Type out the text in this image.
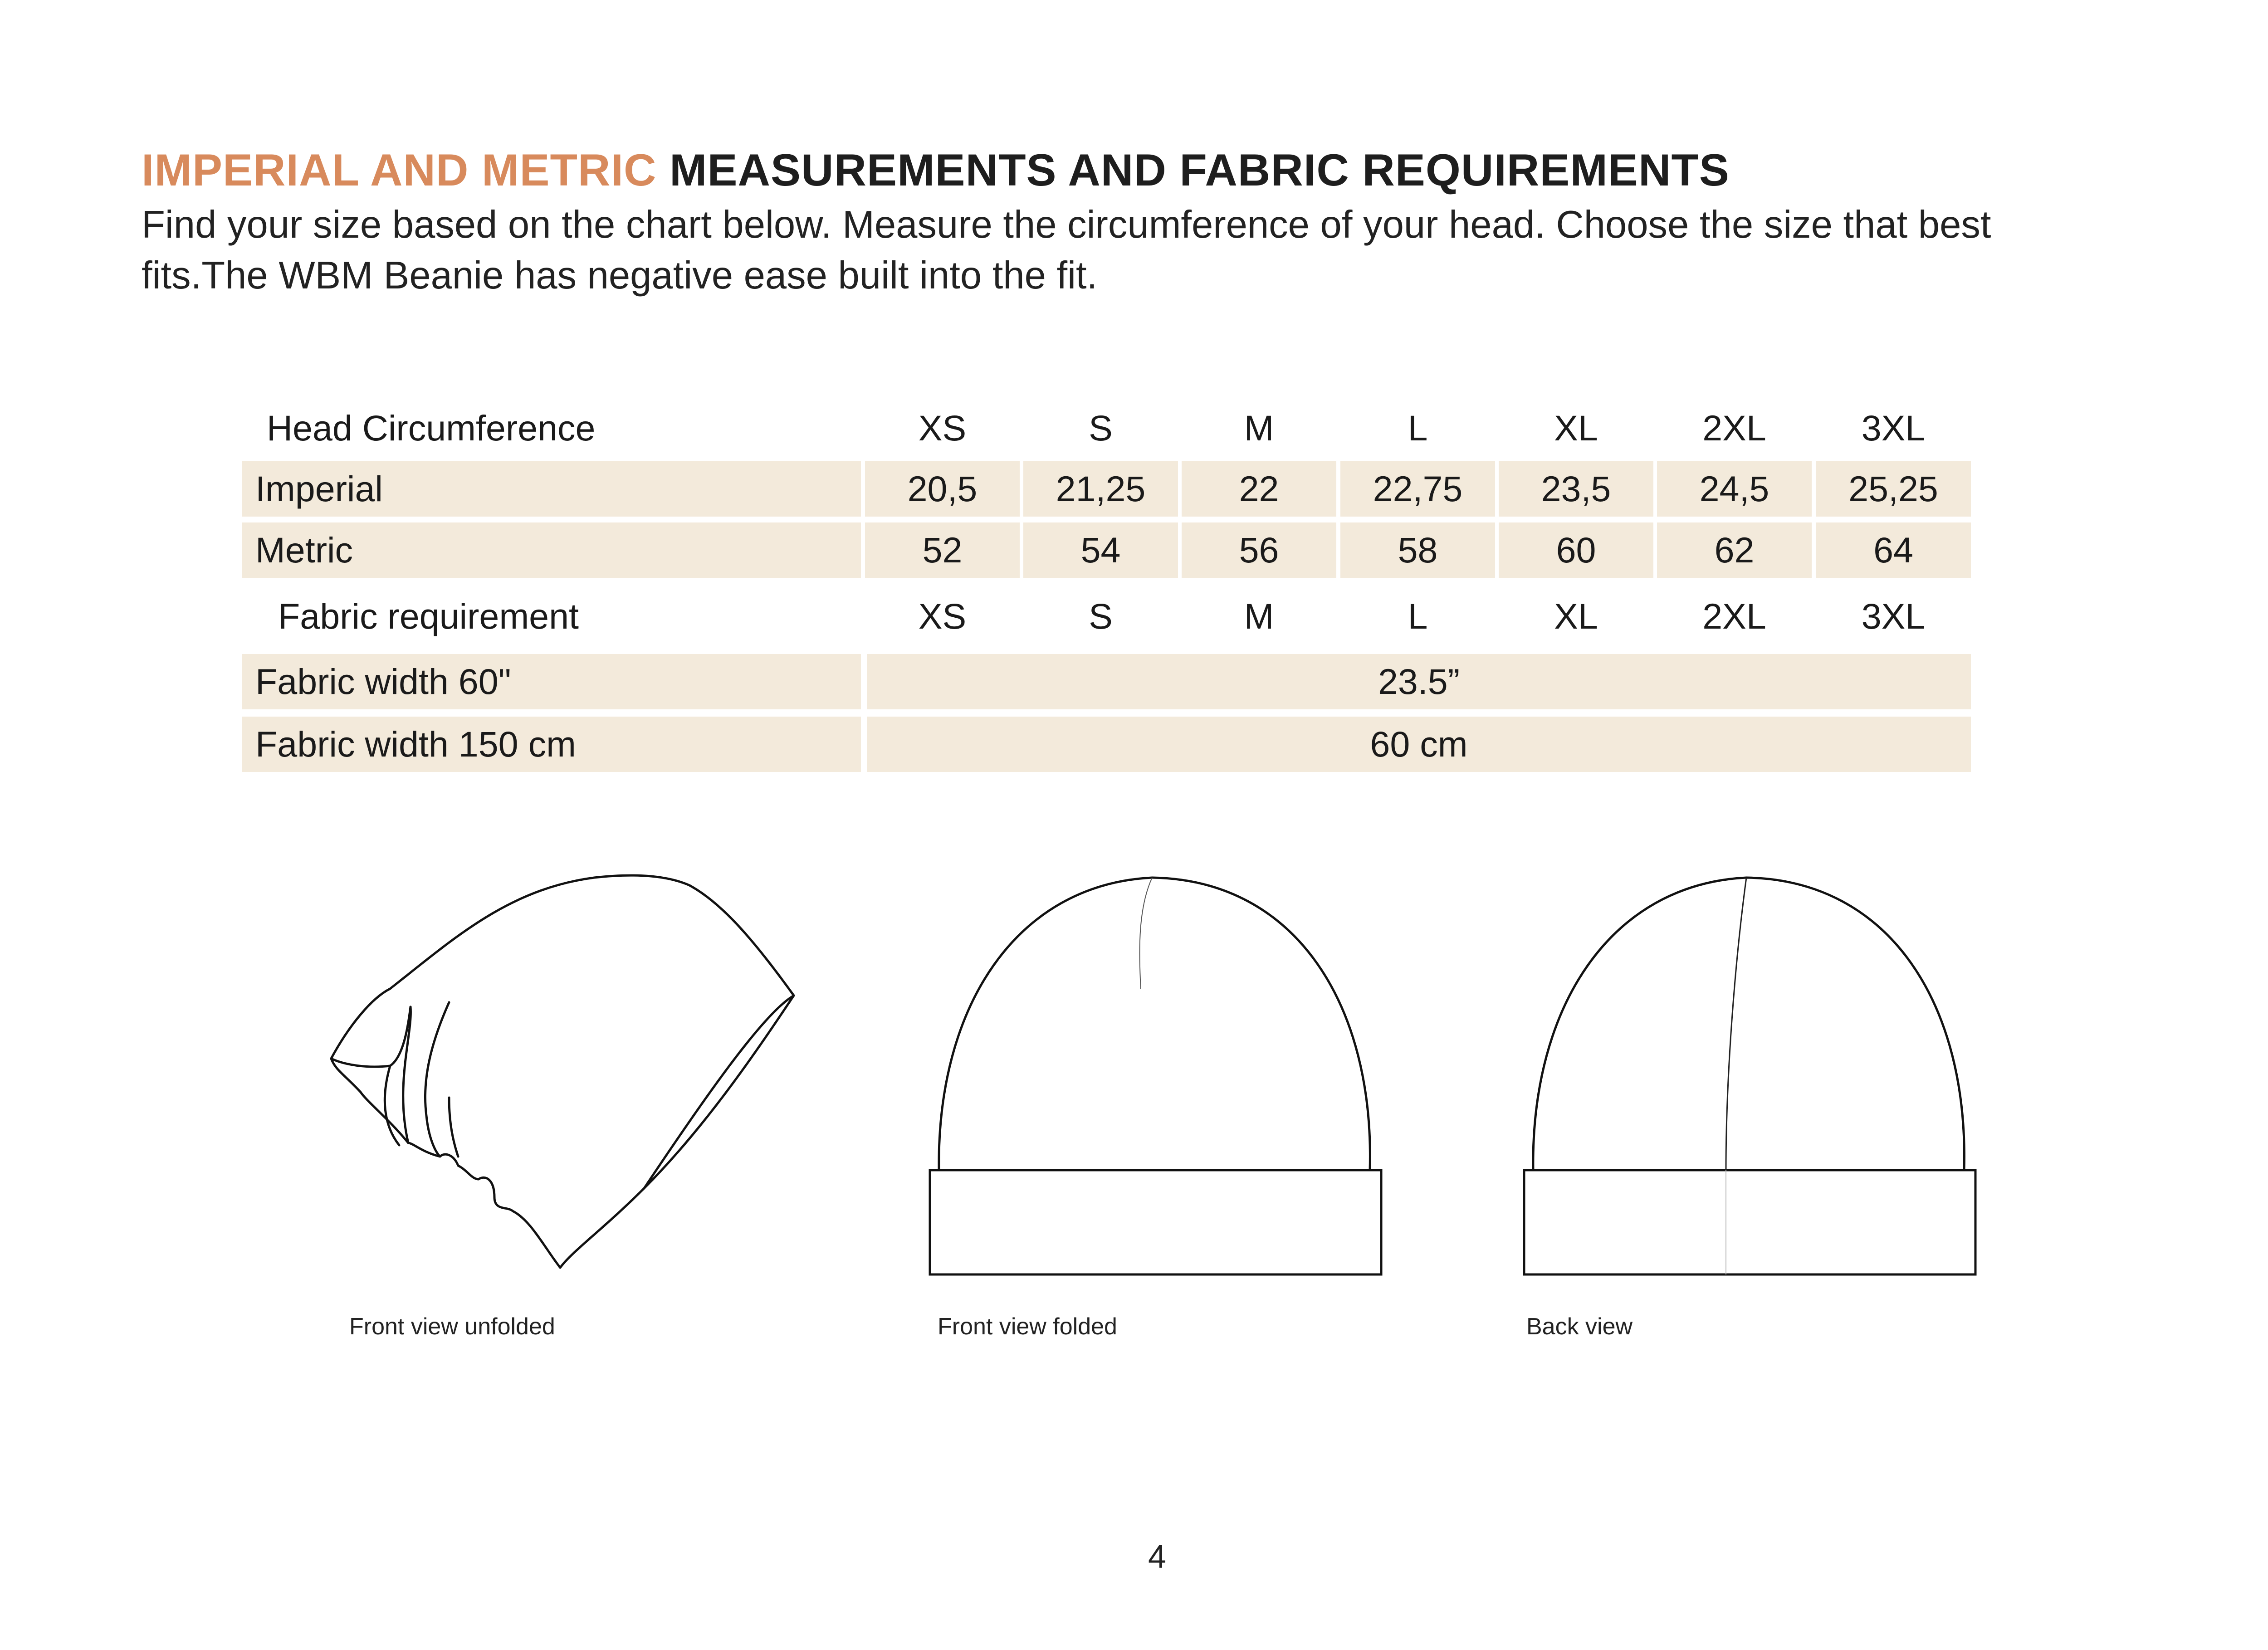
IMPERIAL AND METRIC MEASUREMENTS AND FABRIC REQUIREMENTS
Find your size based on the chart below. Measure the circumference of your head. Choose the size that best
fits.The WBM Beanie has negative ease built into the fit.
Head Circumference	XS	S	M	L	XL	2XL	3XL
Imperial	20,5	21,25	22	22,75	23,5	24,5	25,25
Metric	52	54	56	58	60	62	64
Fabric requirement	XS	S	M	L	XL	2XL	3XL
Fabric width 60"	23.5”
Fabric width 150 cm	60 cm
Front view unfolded	Front view folded	Back view
4
